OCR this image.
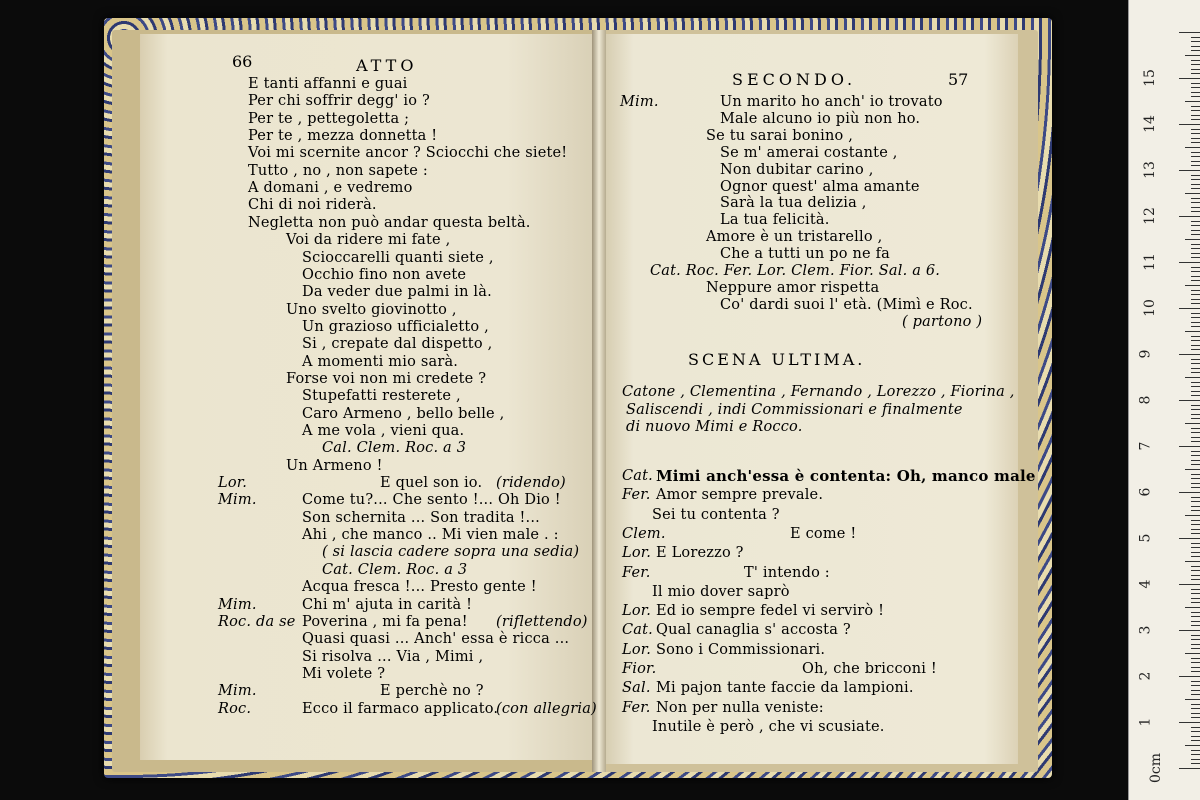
66	ATTO
E tanti affanni e guai
Per chi soffrir degg' io ?
Per te , pettegoletta ;
Per te , mezza donnetta !
Voi mi scernite ancor ? Sciocchi che siete!
Tutto , no , non sapete :
A domani , e vedremo
Chi di noi riderà.
Negletta non può andar questa beltà.
Voi da ridere mi fate ,
Scioccarelli quanti siete ,
Occhio fino non avete
Da veder due palmi in là.
Uno svelto giovinotto ,
Un grazioso ufficialetto ,
Si , crepate dal dispetto ,
A momenti mio sarà.
Forse voi non mi credete ?
Stupefatti resterete ,
Caro Armeno , bello belle ,
A me vola , vieni qua.
Cal. Clem. Roc. a 3
Un Armeno !
Lor.	E quel son io. (ridendo)
Mim.	Come tu?... Che sento !... Oh Dio !
Son schernita ... Son tradita !...
Ahi , che manco .. Mi vien male . :
( si lascia cadere sopra una sedia)
Cat. Clem. Roc. a 3
Acqua fresca !... Presto gente !
Mim.	Chi m' ajuta in carità !
Roc. da se Poverina , mi fa pena! (riflettendo)
Quasi quasi ... Anch' essa è ricca ...
Si risolva ... Via , Mimi ,
Mi volete ?
Mim.	E perchè no ?
Roc.	Ecco il farmaco applicato.
(con allegria)
SECONDO.	57
SCENA ULTIMA.
Mim.	Un marito ho anch' io trovato
Male alcuno io più non ho.
Se tu sarai bonino ,
Se m' amerai costante ,
Non dubitar carino ,
Ognor quest' alma amante
Sarà la tua delizia ,
La tua felicità.
Amore è un tristarello ,
Che a tutti un po ne fa
Cat. Roc. Fer. Lor. Clem. Fior. Sal. a 6.
Neppure amor rispetta
Co' dardi suoi l' età. (Mimì e Roc.
( partono )
Catone , Clementina , Fernando , Lorezzo , Fiorina ,
Saliscendi , indi Commissionari e finalmente
di nuovo Mimi e Rocco.
Cat. Mimi anch'essa è contenta: Oh, manco male
Fer. Amor sempre prevale.
Sei tu contenta ?
Clem.	E come !
Lor. E Lorezzo ?
Fer.	T' intendo :
Il mio dover saprò
Lor. Ed io sempre fedel vi servirò !
Cat. Qual canaglia s' accosta ?
Lor. Sono i Commissionari.
Fior.	Oh, che bricconi !
Sal. Mi pajon tante faccie da lampioni.
Fer. Non per nulla veniste:
Inutile è però , che vi scusiate.
0cm
1
2
3
4
5
6
7
8
9
10
11
12
13
14
15
